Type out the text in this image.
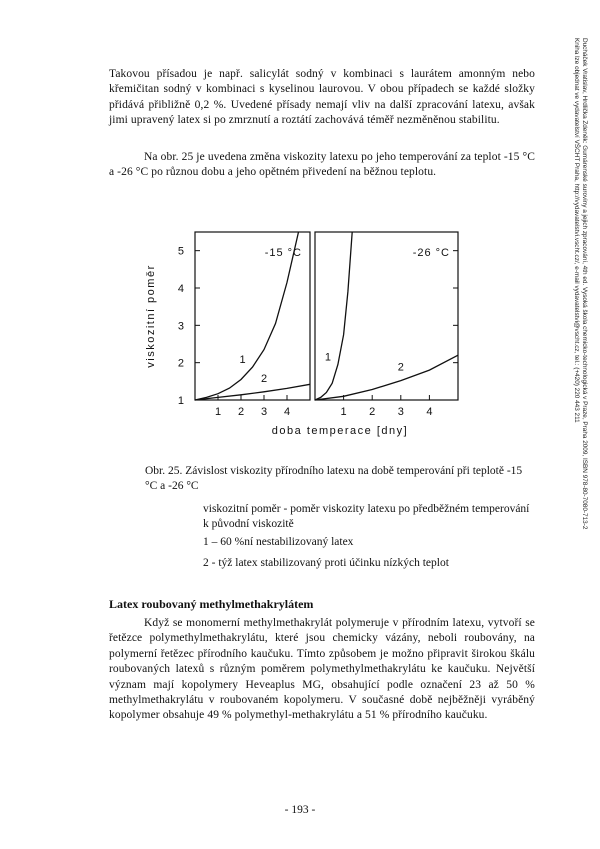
Ducháček Vratislav, Hrdlička Zdeněk: Gumárenské suroviny a jejich zpracování, 4th ed. Vysoká škola chemicko-technologická v Praze, Praha 2009, ISBN 978-80-7080-713-2
Kniha lze objednat ve vydavatelství VŠCHT Praha, http://vydavatelstvi.vscht.cz/, e-mail vydavatelstvi@vscht.cz, tel.: (+420) 220 443 211

Takovou přísadou je např. salicylát sodný v kombinaci s laurátem amonným nebo křemičitan sodný v kombinaci s kyselinou laurovou. V obou případech se každé složky přidává přibližně 0,2 %. Uvedené přísady nemají vliv na další zpracování latexu, avšak jimi upravený latex si po zmrznutí a roztátí zachovává téměř nezměněnou stabilitu.

Na obr. 25 je uvedena změna viskozity latexu po jeho temperování za teplot -15 °C a -26 °C po různou dobu a jeho opětném přivedení na běžnou teplotu.

1
2
3
4
5
viskozitní poměr
-15 °C
1 2 3 4
1
2
-26 °C
1 2 3 4
1
2
doba temperace [dny]
Obr. 25. Závislost viskozity přírodního latexu na době temperování při teplotě -15 °C a -26 °C
viskozitní poměr - poměr viskozity latexu po předběžném temperování k původní viskozitě
1 – 60 %ní nestabilizovaný latex
2 - týž latex stabilizovaný proti účinku nízkých teplot
Latex roubovaný methylmethakrylátem

Když se monomerní methylmethakrylát polymeruje v přírodním latexu, vytvoří se řetězce polymethylmethakrylátu, které jsou chemicky vázány, neboli roubovány, na polymerní řetězec přírodního kaučuku. Tímto způsobem je možno připravit širokou škálu roubovaných latexů s různým poměrem polymethylmethakrylátu ke kaučuku. Největší význam mají kopolymery Heveaplus MG, obsahující podle označení 23 až 50 % methylmethakrylátu v roubovaném kopolymeru. V současné době nejběžněji vyráběný kopolymer obsahuje 49 % polymethyl-methakrylátu a 51 % přírodního kaučuku.

- 193 -
